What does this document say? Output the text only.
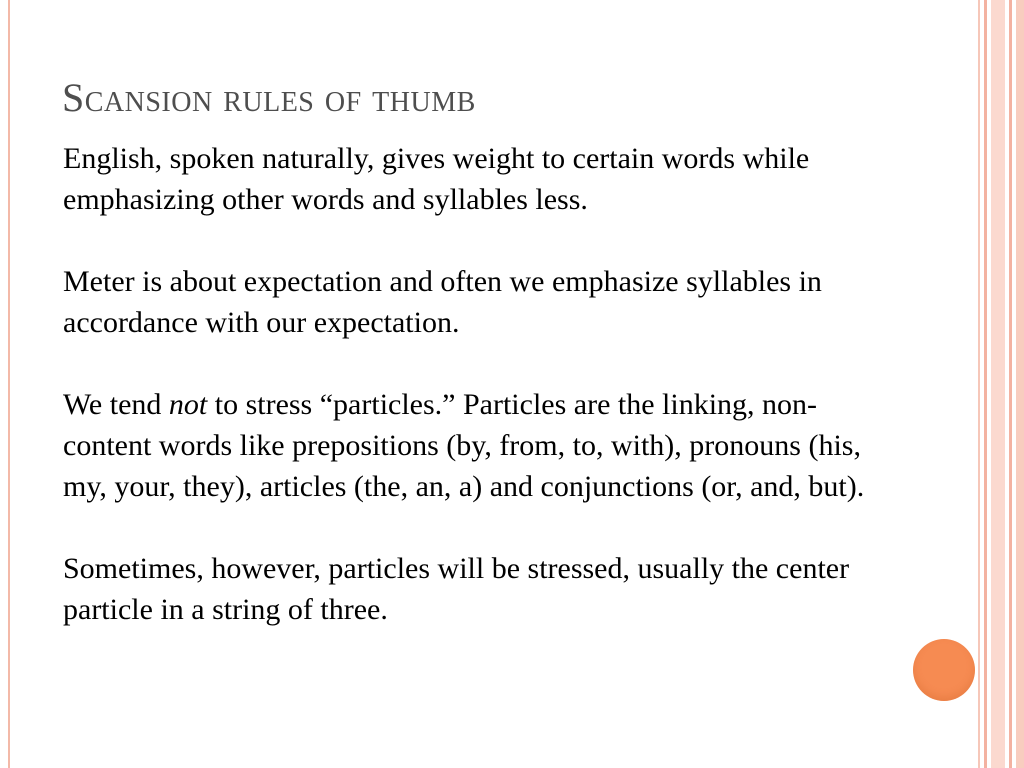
Scansion rules of thumb

English, spoken naturally, gives weight to certain words while emphasizing other words and syllables less.

Meter is about expectation and often we emphasize syllables in accordance with our expectation.

We tend not to stress “particles.” Particles are the linking, non-content words like prepositions (by, from, to, with), pronouns (his, my, your, they), articles (the, an, a) and conjunctions (or, and, but).

Sometimes, however, particles will be stressed, usually the center particle in a string of three.
